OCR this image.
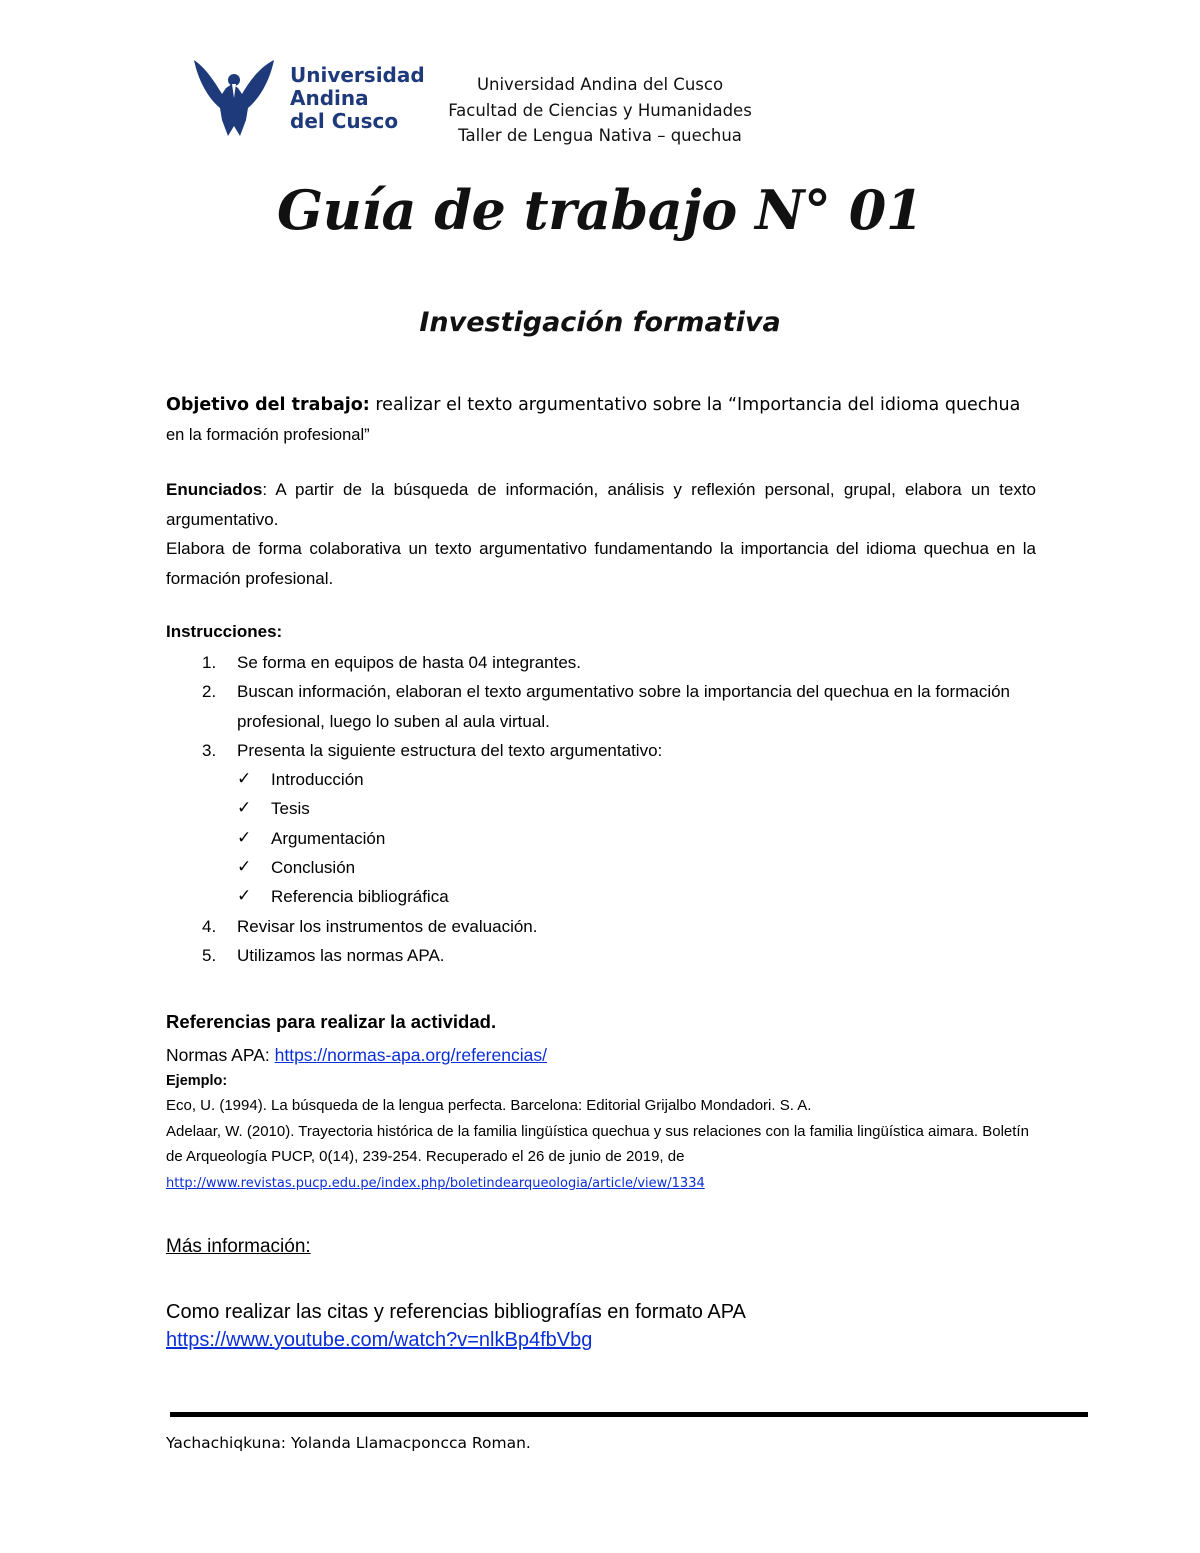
Universidad
Andina
del Cusco
Universidad Andina del Cusco
Facultad de Ciencias y Humanidades
Taller de Lengua Nativa – quechua
Guía de trabajo N° 01
Investigación formativa
Objetivo del trabajo: realizar el texto argumentativo sobre la “Importancia del idioma quechua en la formación profesional”
Enunciados: A partir de la búsqueda de información, análisis y reflexión personal, grupal, elabora un texto argumentativo.
Elabora de forma colaborativa un texto argumentativo fundamentando la importancia del idioma quechua en la formación profesional.
Instrucciones:
1. Se forma en equipos de hasta 04 integrantes.
2. Buscan información, elaboran el texto argumentativo sobre la importancia del quechua en la formación profesional, luego lo suben al aula virtual.
3. Presenta la siguiente estructura del texto argumentativo:
✓ Introducción
✓ Tesis
✓ Argumentación
✓ Conclusión
✓ Referencia bibliográfica
4. Revisar los instrumentos de evaluación.
5. Utilizamos las normas APA.
Referencias para realizar la actividad.
Normas APA: https://normas-apa.org/referencias/
Ejemplo:
Eco, U. (1994). La búsqueda de la lengua perfecta. Barcelona: Editorial Grijalbo Mondadori. S. A.
Adelaar, W. (2010). Trayectoria histórica de la familia lingüística quechua y sus relaciones con la familia lingüística aimara. Boletín de Arqueología PUCP, 0(14), 239-254. Recuperado el 26 de junio de 2019, de
http://www.revistas.pucp.edu.pe/index.php/boletindearqueologia/article/view/1334
Más información:
Como realizar las citas y referencias bibliografías en formato APA
https://www.youtube.com/watch?v=nlkBp4fbVbg
Yachachiqkuna: Yolanda Llamacponcca Roman.
